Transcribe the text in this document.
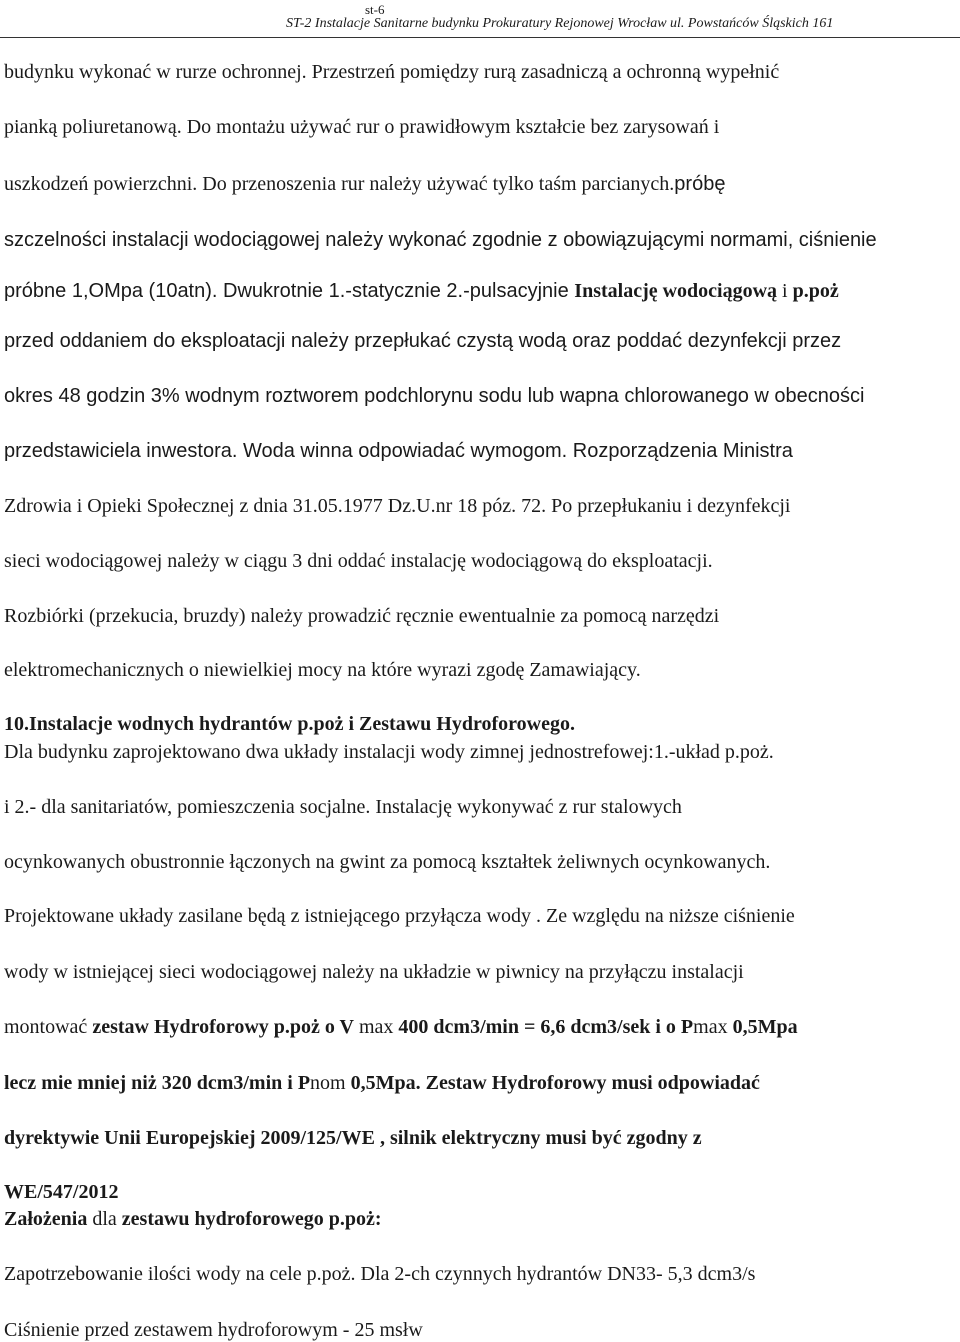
st-6
ST-2 Instalacje Sanitarne budynku Prokuratury Rejonowej Wrocław ul. Powstańców Śląskich 161
budynku wykonać w rurze ochronnej. Przestrzeń pomiędzy rurą zasadniczą a ochronną wypełnić
pianką poliuretanową. Do montażu używać rur o prawidłowym kształcie bez zarysowań i
uszkodzeń powierzchni. Do przenoszenia rur należy używać tylko taśm parcianych.próbę
szczelności instalacji wodociągowej należy wykonać zgodnie z obowiązującymi normami, ciśnienie
próbne 1,OMpa (10atn). Dwukrotnie 1.-statycznie 2.-pulsacyjnie Instalację wodociągową i p.poż
przed oddaniem do eksploatacji należy przepłukać czystą wodą oraz poddać dezynfekcji przez
okres 48 godzin 3% wodnym roztworem podchlorynu sodu lub wapna chlorowanego w obecności
przedstawiciela inwestora. Woda winna odpowiadać wymogom. Rozporządzenia Ministra
Zdrowia i Opieki Społecznej z dnia 31.05.1977 Dz.U.nr 18 póz. 72. Po przepłukaniu i dezynfekcji
sieci wodociągowej należy w ciągu 3 dni oddać instalację wodociągową do eksploatacji.
Rozbiórki (przekucia, bruzdy) należy prowadzić ręcznie ewentualnie za pomocą narzędzi
elektromechanicznych o niewielkiej mocy na które wyrazi zgodę Zamawiający.
10.Instalacje wodnych hydrantów p.poż i Zestawu Hydroforowego.
Dla budynku zaprojektowano dwa układy instalacji wody zimnej jednostrefowej:1.-układ p.poż.
i 2.- dla sanitariatów, pomieszczenia socjalne. Instalację wykonywać z rur stalowych
ocynkowanych obustronnie łączonych na gwint za pomocą kształtek żeliwnych ocynkowanych.
Projektowane układy zasilane będą z istniejącego przyłącza wody . Ze względu na niższe ciśnienie
wody w istniejącej sieci wodociągowej należy na układzie w piwnicy na przyłączu instalacji
montować zestaw Hydroforowy p.poż o V max 400 dcm3/min = 6,6 dcm3/sek i o Pmax 0,5Mpa
lecz mie mniej niż 320 dcm3/min i Pnom 0,5Mpa. Zestaw Hydroforowy musi odpowiadać
dyrektywie Unii Europejskiej 2009/125/WE , silnik elektryczny musi być zgodny z
WE/547/2012
Założenia dla zestawu hydroforowego p.poż:
Zapotrzebowanie ilości wody na cele p.poż. Dla 2-ch czynnych hydrantów DN33- 5,3 dcm3/s
Ciśnienie przed zestawem hydroforowym - 25 msłw
